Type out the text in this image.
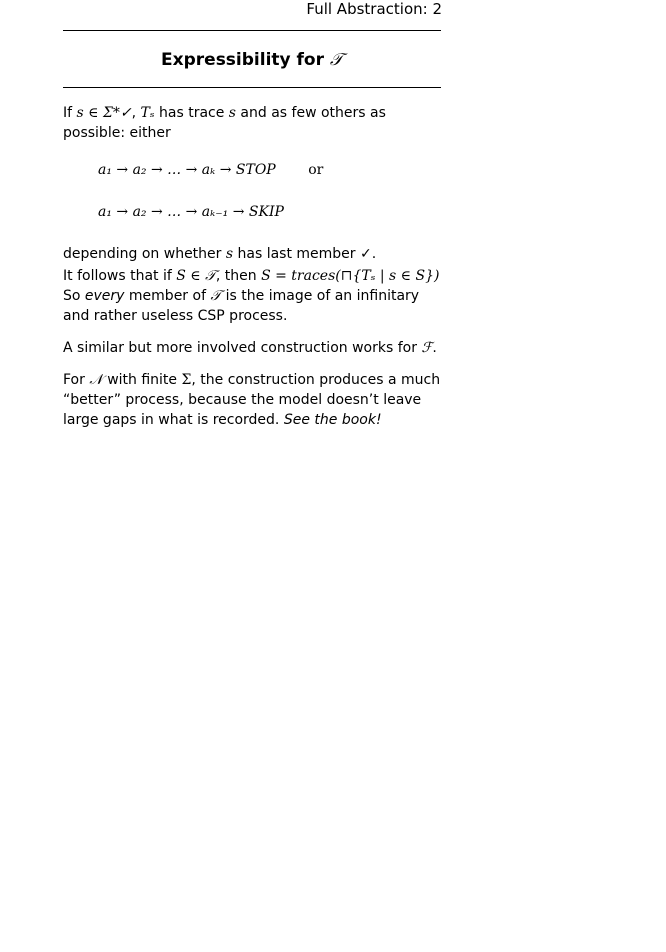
Full Abstraction: 2
Expressibility for 𝒯

If s ∈ Σ*✓, Tₛ has trace s and as few others as possible: either

a₁ → a₂ → … → aₖ → STOP or
a₁ → a₂ → … → aₖ₋₁ → SKIP

depending on whether s has last member ✓.

It follows that if S ∈ 𝒯, then S = traces(⊓{Tₛ | s ∈ S}) So every member of 𝒯 is the image of an infinitary and rather useless CSP process.

A similar but more involved construction works for ℱ.

For 𝒩 with finite Σ, the construction produces a much “better” process, because the model doesn’t leave large gaps in what is recorded. See the book!
